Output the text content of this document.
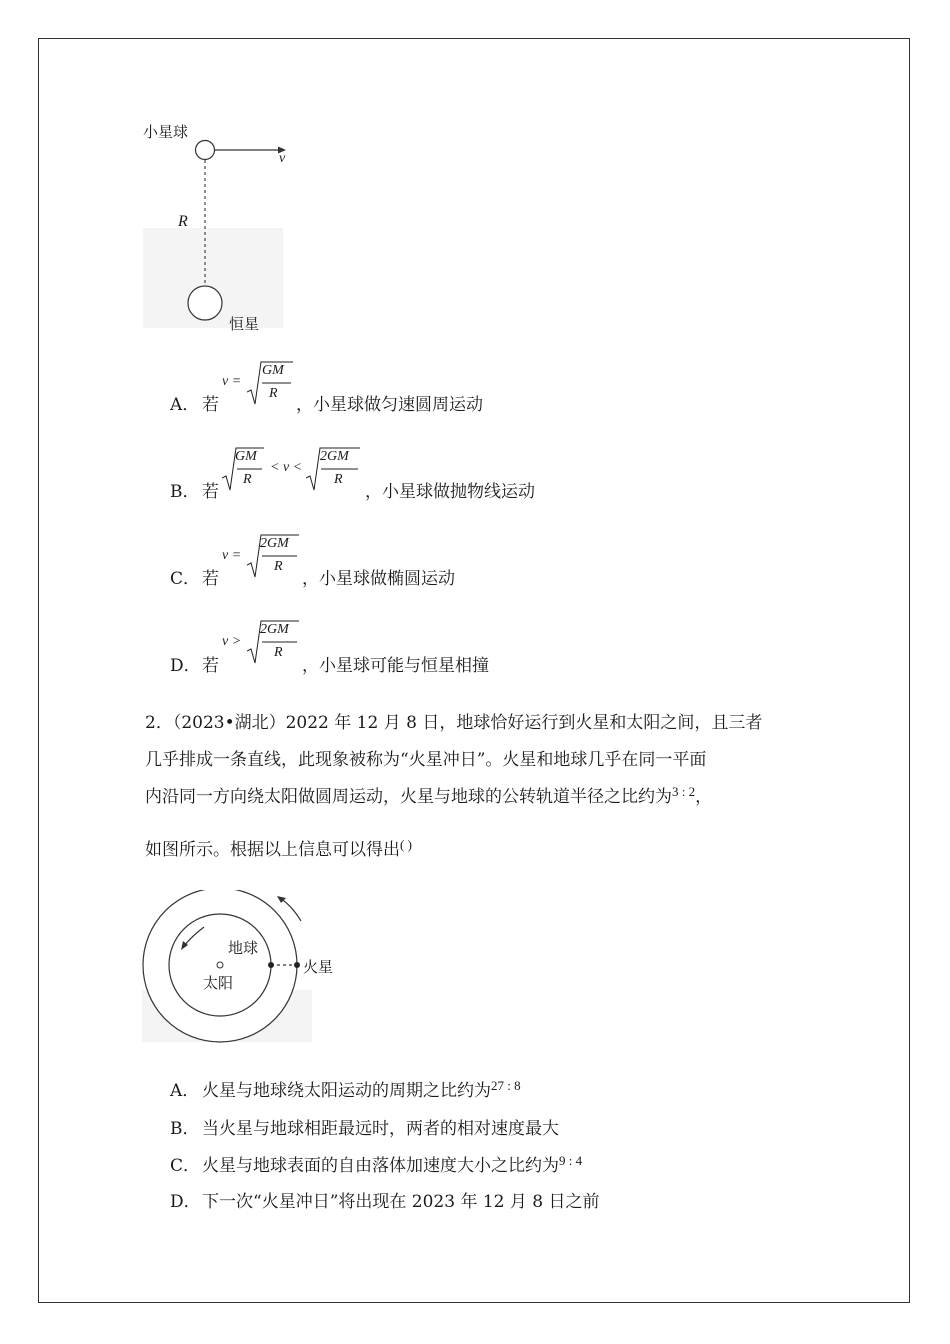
小星球
v
R
恒星
A． 若
v =
GM
R
，小星球做匀速圆周运动
B． 若
GM
R
< v <
2GM
R
，小星球做抛物线运动
C． 若
v =
2GM
R
，小星球做椭圆运动
D． 若
v >
2GM
R
，小星球可能与恒星相撞
2．（2023•湖北）2022 年 12 月 8 日，地球恰好运行到火星和太阳之间，且三者
几乎排成一条直线，此现象被称为“火星冲日”。火星和地球几乎在同一平面
内沿同一方向绕太阳做圆周运动，火星与地球的公转轨道半径之比约为$^{3 : 2}$，
如图所示。根据以上信息可以得出( )
地球
太阳
火星
A． 火星与地球绕太阳运动的周期之比约为$^{27 : 8}$
B． 当火星与地球相距最远时，两者的相对速度最大
C． 火星与地球表面的自由落体加速度大小之比约为$^{9 : 4}$
D． 下一次“火星冲日”将出现在 2023 年 12 月 8 日之前
